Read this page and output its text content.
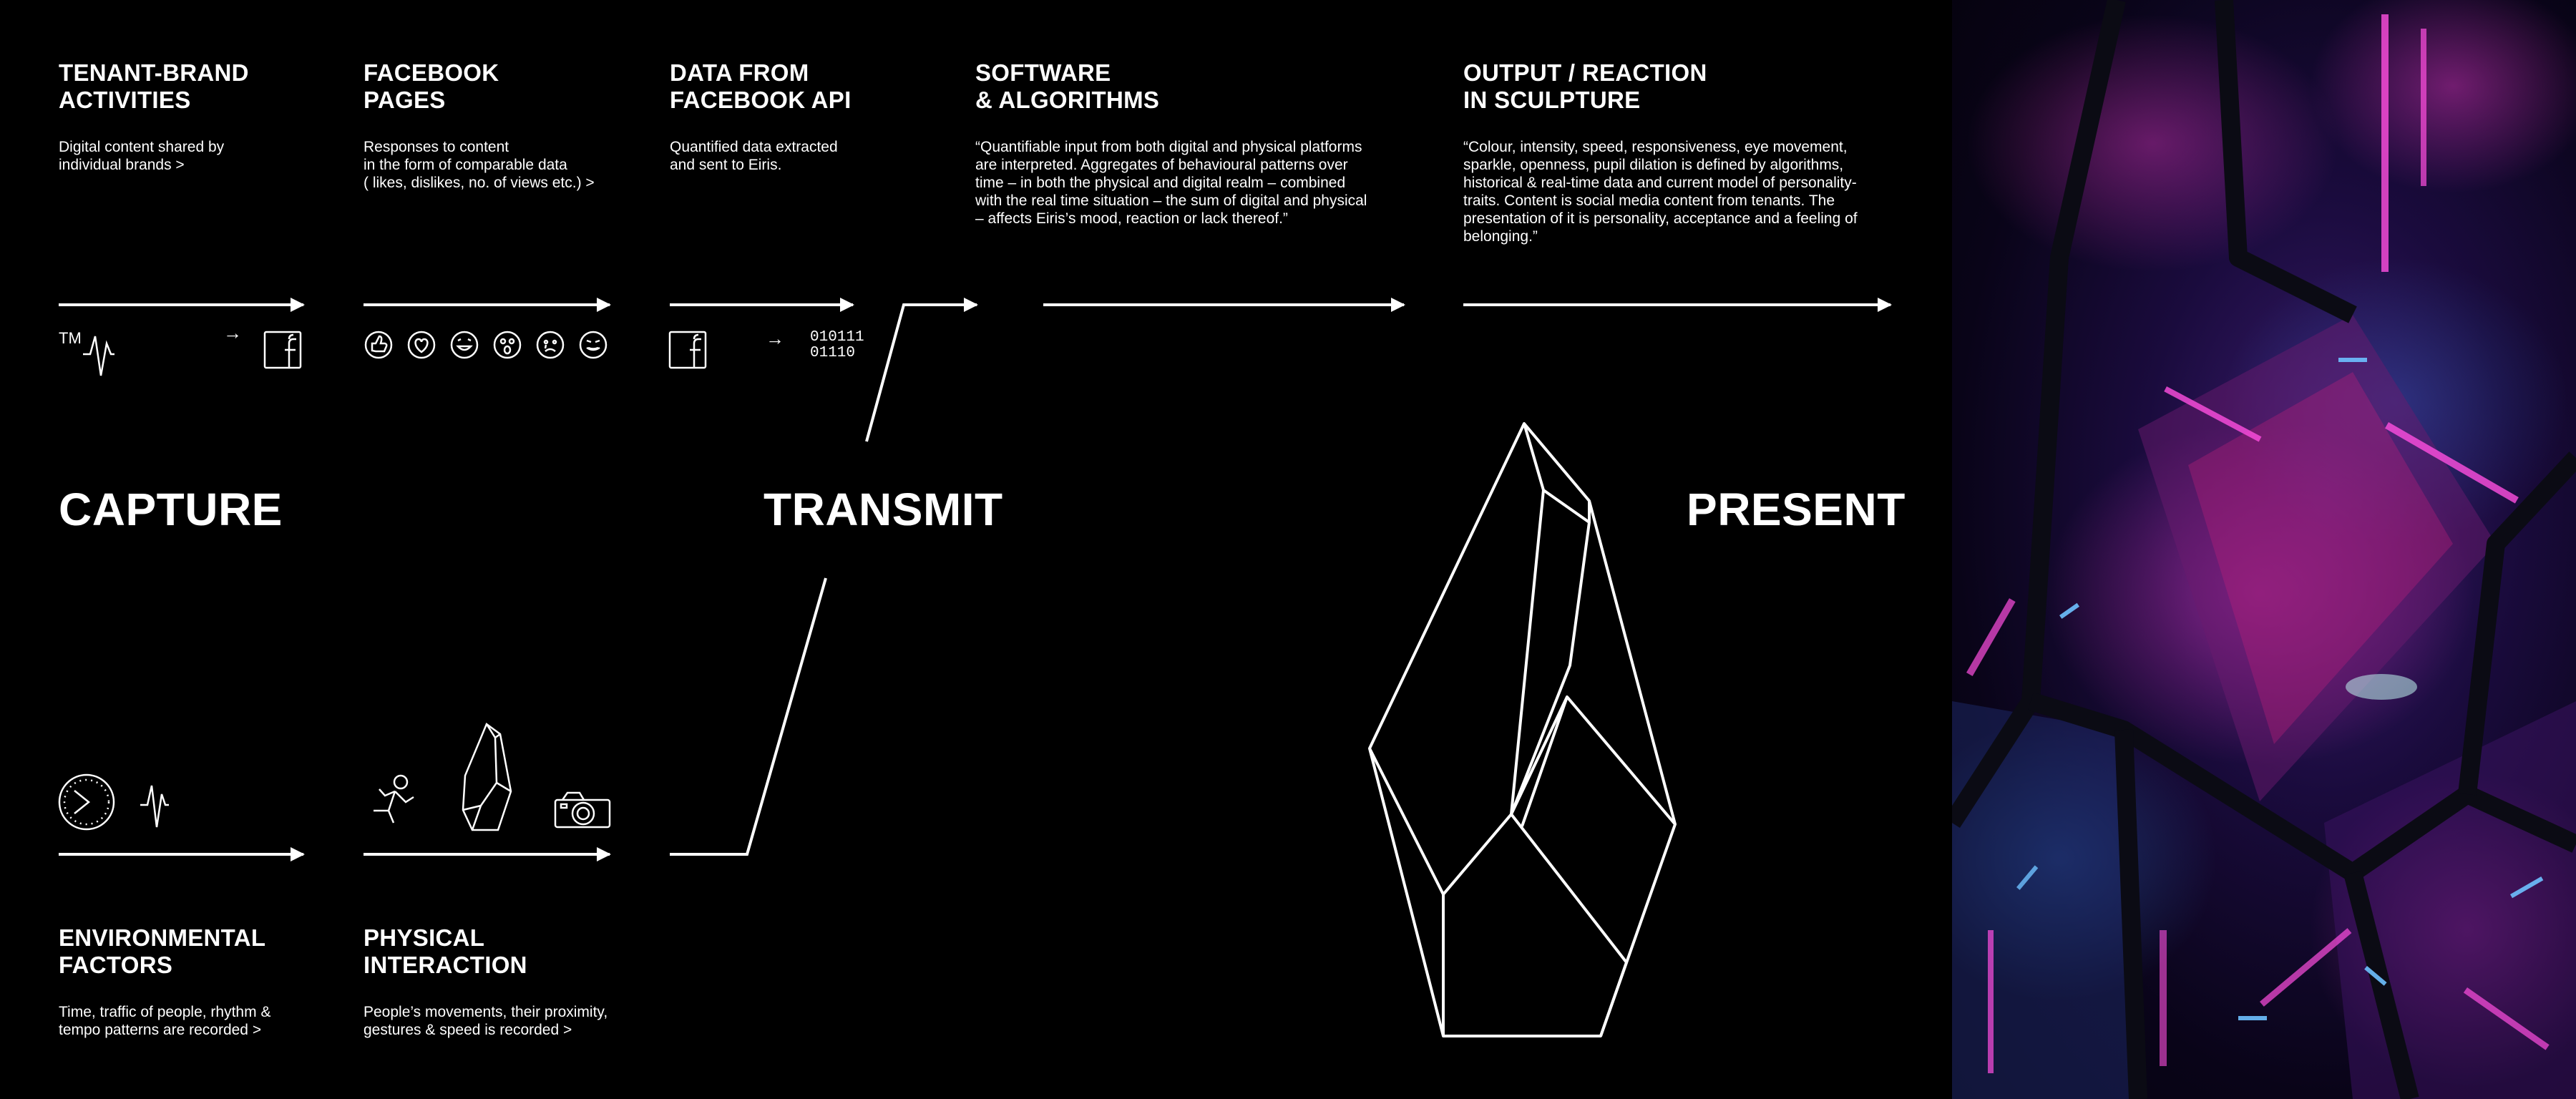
TENANT-BRAND
ACTIVITIES
Digital content shared by
individual brands >
FACEBOOK
PAGES
Responses to content
in the form of comparable data
( likes, dislikes, no. of views etc.) >
DATA FROM
FACEBOOK API
Quantified data extracted
and sent to Eiris.
SOFTWARE
& ALGORITHMS
“Quantifiable input from both digital and physical platforms
are interpreted. Aggregates of behavioural patterns over
time – in both the physical and digital realm – combined
with the real time situation – the sum of digital and physical
– affects Eiris’s mood, reaction or lack thereof.”
OUTPUT / REACTION
IN SCULPTURE
“Colour, intensity, speed, responsiveness, eye movement,
sparkle, openness, pupil dilation is defined by algorithms,
historical & real-time data and current model of personality-
traits. Content is social media content from tenants. The
presentation of it is personality, acceptance and a feeling of
belonging.”
TM	→	→ 010111
01110
CAPTURE	TRANSMIT	PRESENT
ENVIRONMENTAL
FACTORS
Time, traffic of people, rhythm &
tempo patterns are recorded >
PHYSICAL
INTERACTION
People’s movements, their proximity,
gestures & speed is recorded >
